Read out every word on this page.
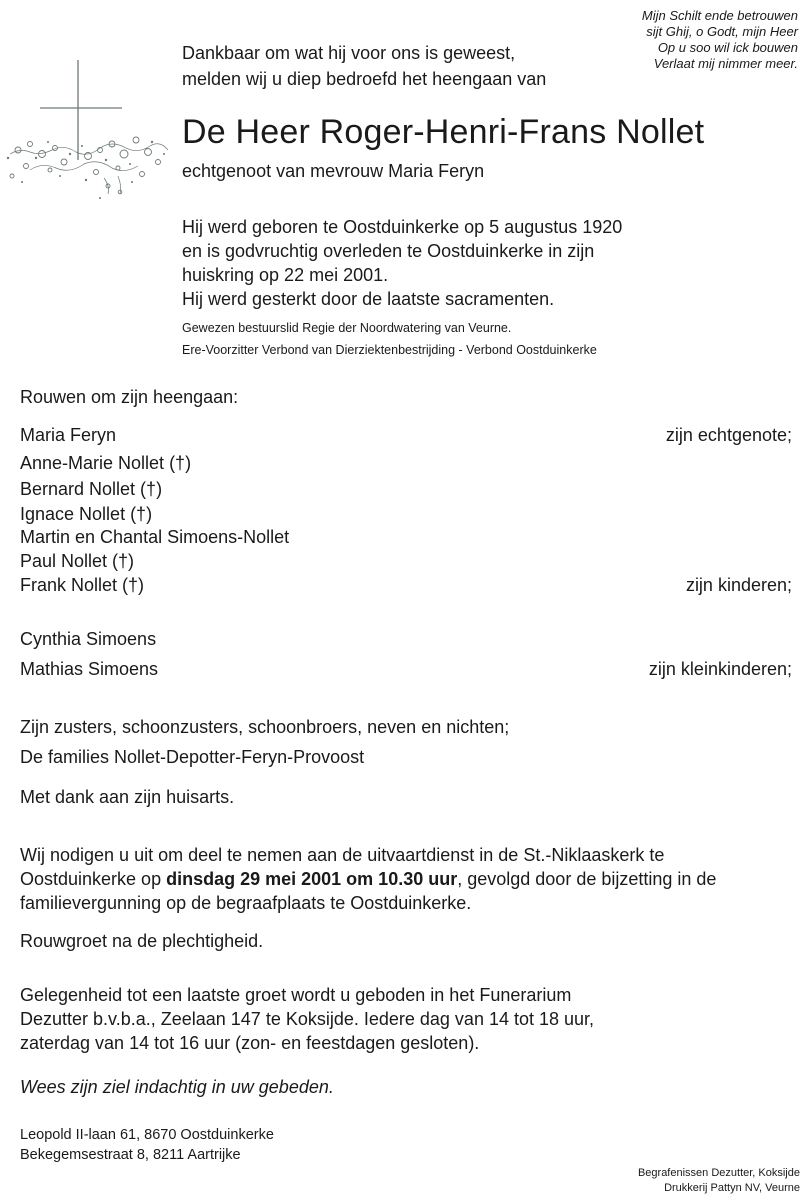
Mijn Schilt ende betrouwen
sijt Ghij, o Godt, mijn Heer
Op u soo wil ick bouwen
Verlaat mij nimmer meer.
Dankbaar om wat hij voor ons is geweest,
melden wij u diep bedroefd het heengaan van
De Heer Roger-Henri-Frans Nollet
echtgenoot van mevrouw Maria Feryn
Hij werd geboren te Oostduinkerke op 5 augustus 1920
en is godvruchtig overleden te Oostduinkerke in zijn
huiskring op 22 mei 2001.
Hij werd gesterkt door de laatste sacramenten.
Gewezen bestuurslid Regie der Noordwatering van Veurne.
Ere-Voorzitter Verbond van Dierziektenbestrijding - Verbond Oostduinkerke
Rouwen om zijn heengaan:
Maria Feryn	zijn echtgenote;
Anne-Marie Nollet (†)
Bernard Nollet (†)
Ignace Nollet (†)
Martin en Chantal Simoens-Nollet
Paul Nollet (†)
Frank Nollet (†)	zijn kinderen;
Cynthia Simoens
Mathias Simoens	zijn kleinkinderen;
Zijn zusters, schoonzusters, schoonbroers, neven en nichten;
De families Nollet-Depotter-Feryn-Provoost
Met dank aan zijn huisarts.
Wij nodigen u uit om deel te nemen aan de uitvaartdienst in de St.-Niklaaskerk te
Oostduinkerke op dinsdag 29 mei 2001 om 10.30 uur, gevolgd door de bijzetting in de
familievergunning op de begraafplaats te Oostduinkerke.
Rouwgroet na de plechtigheid.
Gelegenheid tot een laatste groet wordt u geboden in het Funerarium
Dezutter b.v.b.a., Zeelaan 147 te Koksijde. Iedere dag van 14 tot 18 uur,
zaterdag van 14 tot 16 uur (zon- en feestdagen gesloten).
Wees zijn ziel indachtig in uw gebeden.
Leopold II-laan 61, 8670 Oostduinkerke
Bekegemsestraat 8, 8211 Aartrijke
Begrafenissen Dezutter, Koksijde
Drukkerij Pattyn NV, Veurne
